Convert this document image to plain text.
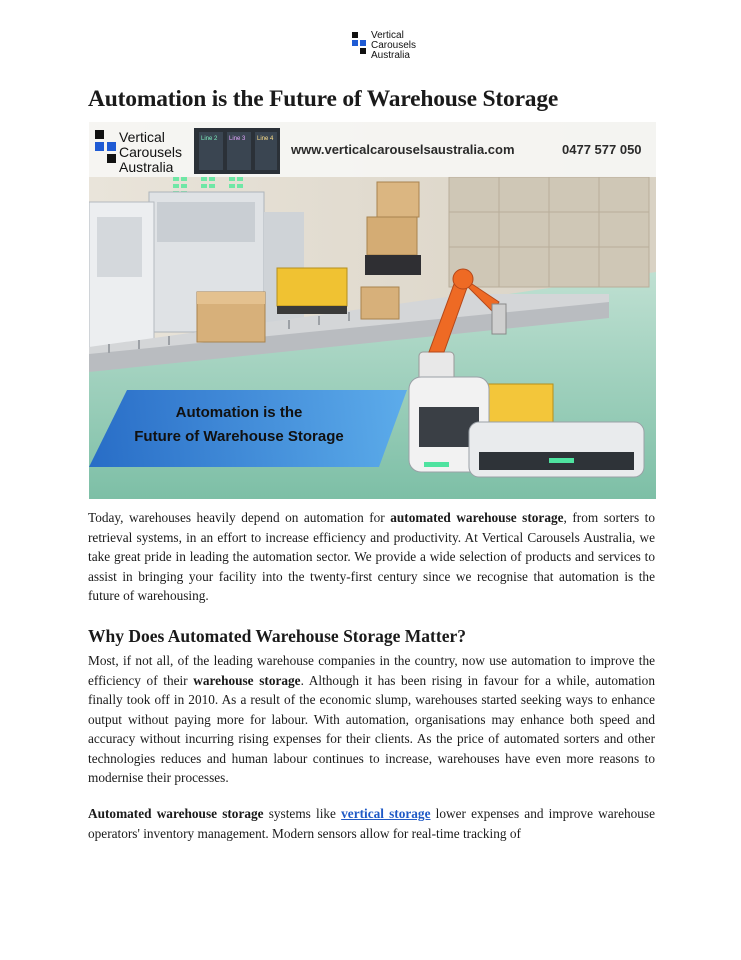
Vertical
Carousels
Australia
Automation is the Future of Warehouse Storage
Vertical
Carousels
Australia
Line 2 Line 3 Line 4
www.verticalcarouselsaustralia.com	0477 577 050
Automation is the
Future of Warehouse Storage

Today, warehouses heavily depend on automation for automated warehouse storage, from sorters to retrieval systems, in an effort to increase efficiency and productivity. At Vertical Carousels Australia, we take great pride in leading the automation sector. We provide a wide selection of products and services to assist in bringing your facility into the twenty-first century since we recognise that automation is the future of warehousing.

Why Does Automated Warehouse Storage Matter?

Most, if not all, of the leading warehouse companies in the country, now use automation to improve the efficiency of their warehouse storage. Although it has been rising in favour for a while, automation finally took off in 2010. As a result of the economic slump, warehouses started seeking ways to enhance output without paying more for labour. With automation, organisations may enhance both speed and accuracy without incurring rising expenses for their clients. As the price of automated sorters and other technologies reduces and human labour continues to increase, warehouses have even more reasons to modernise their processes.

Automated warehouse storage systems like vertical storage lower expenses and improve warehouse operators' inventory management. Modern sensors allow for real-time tracking of
